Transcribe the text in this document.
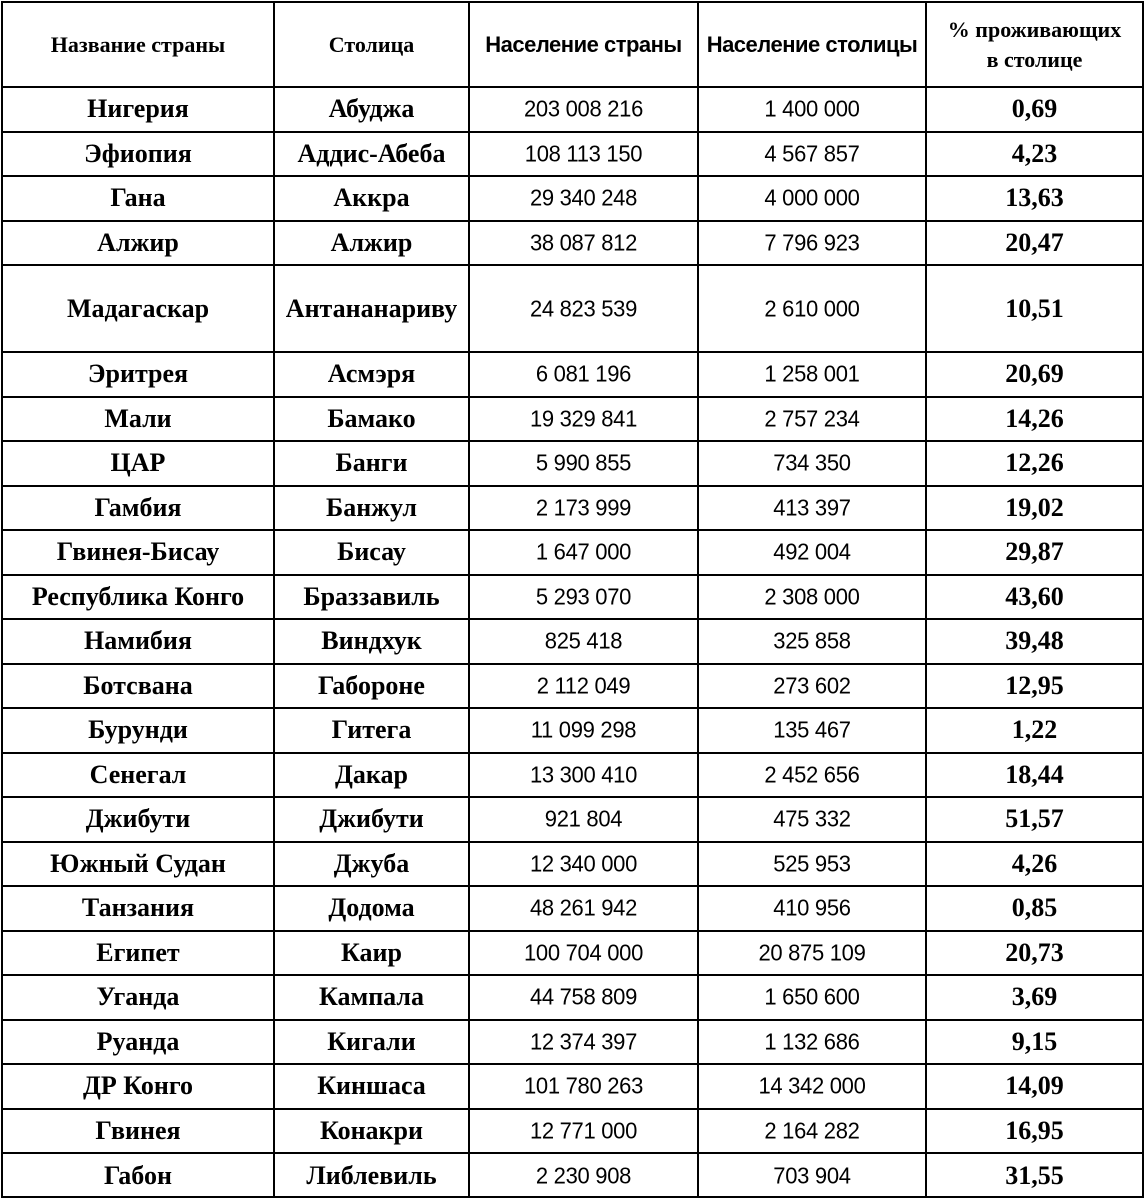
Название страны	Столица	Население страны	Население столицы	% проживающих
в столице
Нигерия	Абуджа	203 008 216	1 400 000	0,69
Эфиопия	Аддис-Абеба	108 113 150	4 567 857	4,23
Гана	Аккра	29 340 248	4 000 000	13,63
Алжир	Алжир	38 087 812	7 796 923	20,47
Мадагаскар	Антананариву	24 823 539	2 610 000	10,51
Эритрея	Асмэря	6 081 196	1 258 001	20,69
Мали	Бамако	19 329 841	2 757 234	14,26
ЦАР	Банги	5 990 855	734 350	12,26
Гамбия	Банжул	2 173 999	413 397	19,02
Гвинея-Бисау	Бисау	1 647 000	492 004	29,87
Республика Конго	Браззавиль	5 293 070	2 308 000	43,60
Намибия	Виндхук	825 418	325 858	39,48
Ботсвана	Габороне	2 112 049	273 602	12,95
Бурунди	Гитега	11 099 298	135 467	1,22
Сенегал	Дакар	13 300 410	2 452 656	18,44
Джибути	Джибути	921 804	475 332	51,57
Южный Судан	Джуба	12 340 000	525 953	4,26
Танзания	Додома	48 261 942	410 956	0,85
Египет	Каир	100 704 000	20 875 109	20,73
Уганда	Кампала	44 758 809	1 650 600	3,69
Руанда	Кигали	12 374 397	1 132 686	9,15
ДР Конго	Киншаса	101 780 263	14 342 000	14,09
Гвинея	Конакри	12 771 000	2 164 282	16,95
Габон	Либлевиль	2 230 908	703 904	31,55
